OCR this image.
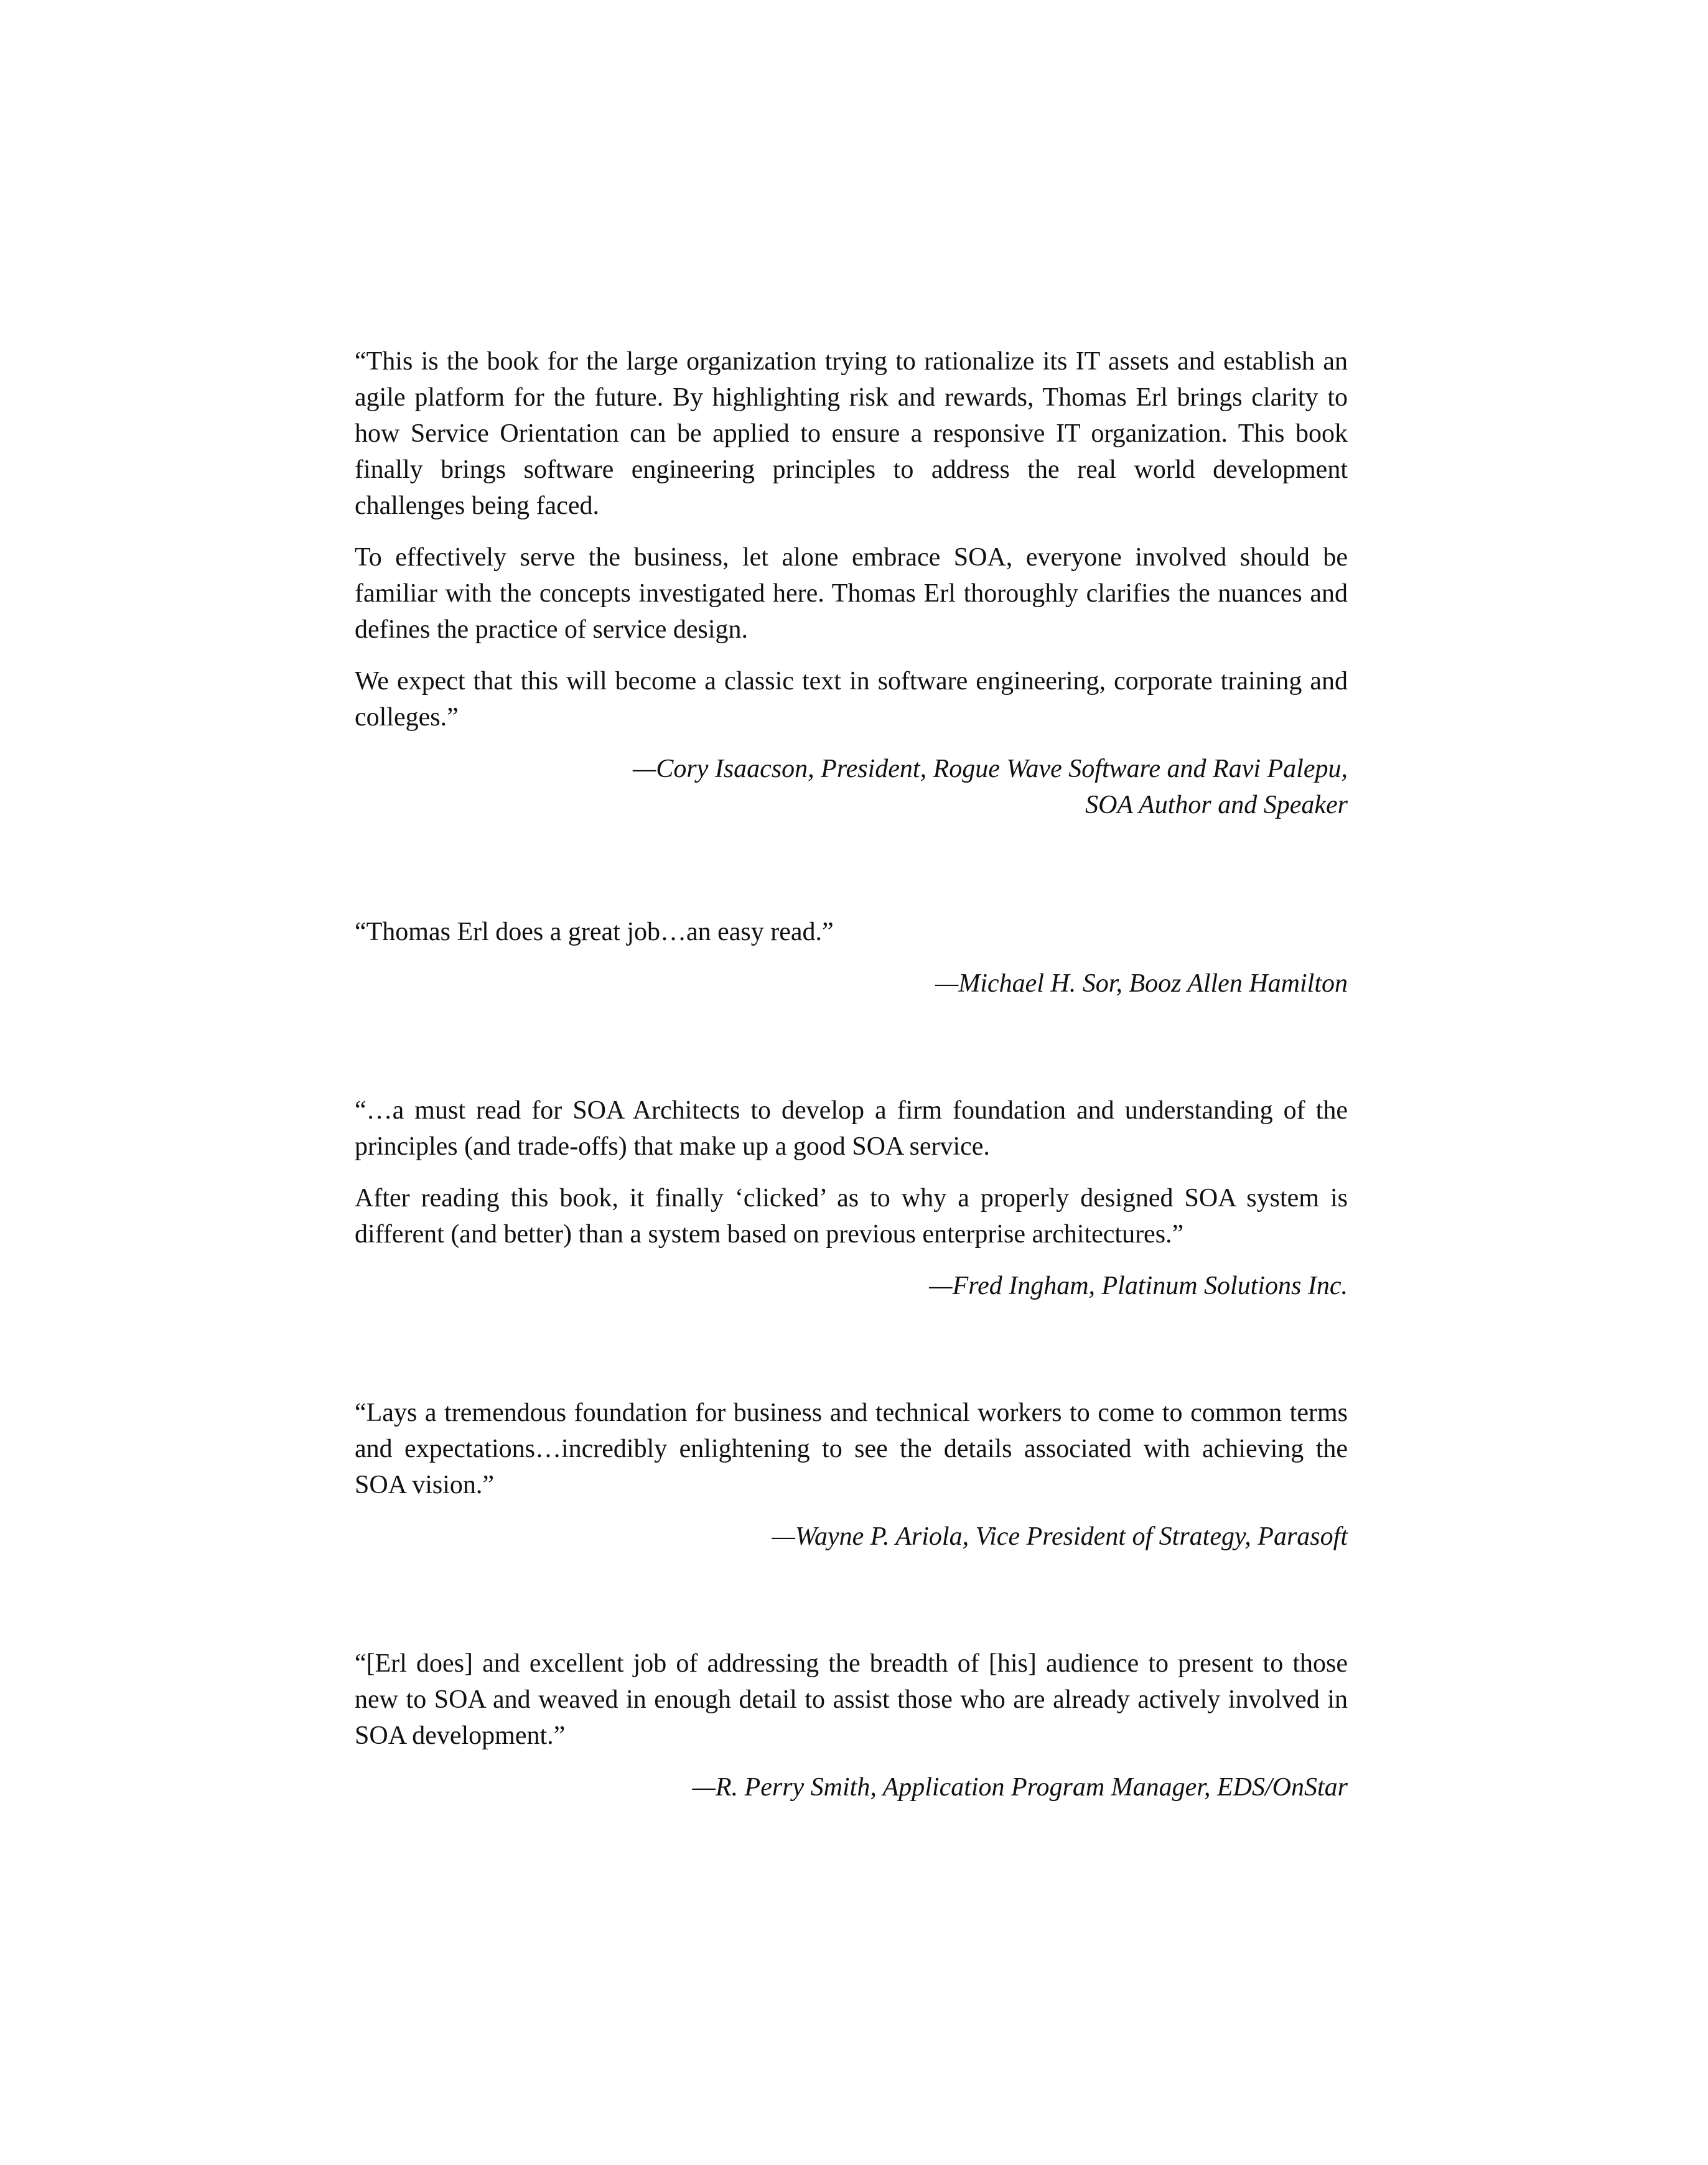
“This is the book for the large organization trying to rationalize its IT assets and establish an agile platform for the future. By highlighting risk and rewards, Thomas Erl brings clarity to how Service Orientation can be applied to ensure a responsive IT organization. This book finally brings software engineering principles to address the real world development challenges being faced.

To effectively serve the business, let alone embrace SOA, everyone involved should be familiar with the concepts investigated here. Thomas Erl thoroughly clarifies the nuances and defines the practice of service design.

We expect that this will become a classic text in software engineering, corporate training and colleges.”

—Cory Isaacson, President, Rogue Wave Software and Ravi Palepu,
SOA Author and Speaker

“Thomas Erl does a great job…an easy read.”

—Michael H. Sor, Booz Allen Hamilton

“…a must read for SOA Architects to develop a firm foundation and understanding of the principles (and trade-offs) that make up a good SOA service.

After reading this book, it finally ‘clicked’ as to why a properly designed SOA system is different (and better) than a system based on previous enterprise architectures.”

—Fred Ingham, Platinum Solutions Inc.

“Lays a tremendous foundation for business and technical workers to come to common terms and expectations…incredibly enlightening to see the details associated with achieving the SOA vision.”

—Wayne P. Ariola, Vice President of Strategy, Parasoft

“[Erl does] and excellent job of addressing the breadth of [his] audience to present to those new to SOA and weaved in enough detail to assist those who are already actively involved in SOA development.”

—R. Perry Smith, Application Program Manager, EDS/OnStar
